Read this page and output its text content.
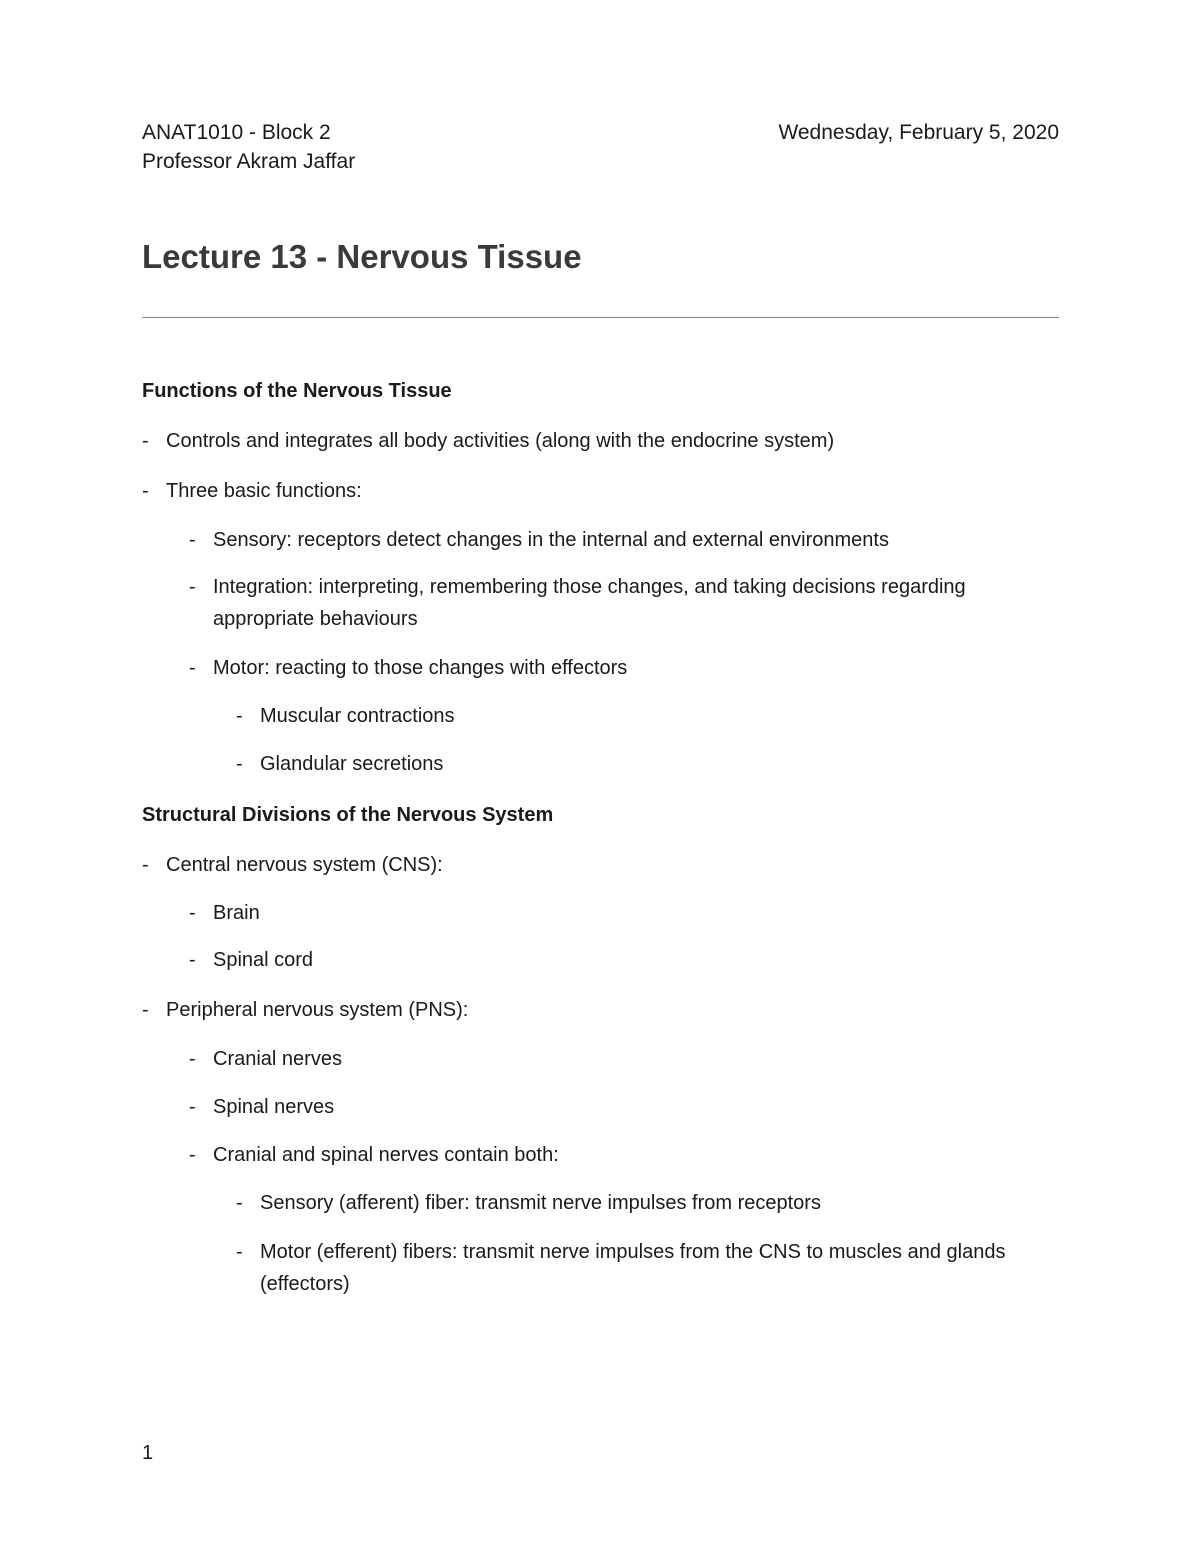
ANAT1010 - Block 2
Professor Akram Jaffar
Wednesday, February 5, 2020
Lecture 13 - Nervous Tissue
Functions of the Nervous Tissue
- Controls and integrates all body activities (along with the endocrine system)
- Three basic functions:
- Sensory: receptors detect changes in the internal and external environments
- Integration: interpreting, remembering those changes, and taking decisions regarding appropriate behaviours
- Motor: reacting to those changes with effectors
- Muscular contractions
- Glandular secretions
Structural Divisions of the Nervous System
- Central nervous system (CNS):
- Brain
- Spinal cord
- Peripheral nervous system (PNS):
- Cranial nerves
- Spinal nerves
- Cranial and spinal nerves contain both:
- Sensory (afferent) fiber: transmit nerve impulses from receptors
- Motor (efferent) fibers: transmit nerve impulses from the CNS to muscles and glands (effectors)
1
